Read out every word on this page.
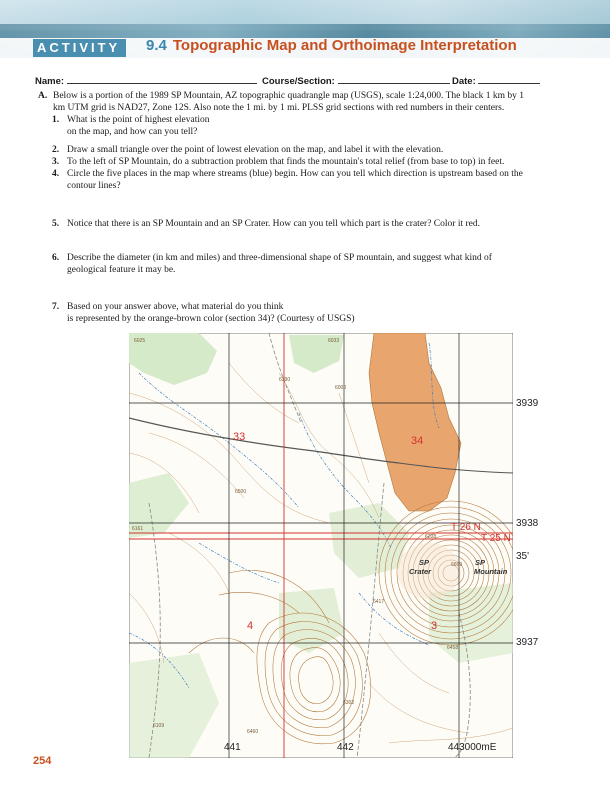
ACTIVITY	9.4 Topographic Map and Orthoimage Interpretation
Name:	Course/Section:	Date:
A. Below is a portion of the 1989 SP Mountain, AZ topographic quadrangle map (USGS), scale 1:24,000. The black 1 km by 1 km UTM grid is NAD27, Zone 12S. Also note the 1 mi. by 1 mi. PLSS grid sections with red numbers in their centers.
1. What is the point of highest elevation
on the map, and how can you tell?
2. Draw a small triangle over the point of lowest elevation on the map, and label it with the elevation.
3. To the left of SP Mountain, do a subtraction problem that finds the mountain's total relief (from base to top) in feet.
4. Circle the five places in the map where streams (blue) begin. How can you tell which direction is upstream based on the contour lines?
5. Notice that there is an SP Mountain and an SP Crater. How can you tell which part is the crater? Color it red.
6. Describe the diameter (in km and miles) and three-dimensional shape of SP mountain, and suggest what kind of geological feature it may be.
7. Based on your answer above, what material do you think
is represented by the orange-brown color (section 34)? (Courtesy of USGS)
33	34
4	3
T 26 N
T 25 N
SP
Crater
SP
Mountain
6025	6033
6000
6161
6390
6500
6669
6302
6458
6460
6109
6208
6417
3939
3938
35'
3937
441	442	443000mE
254
